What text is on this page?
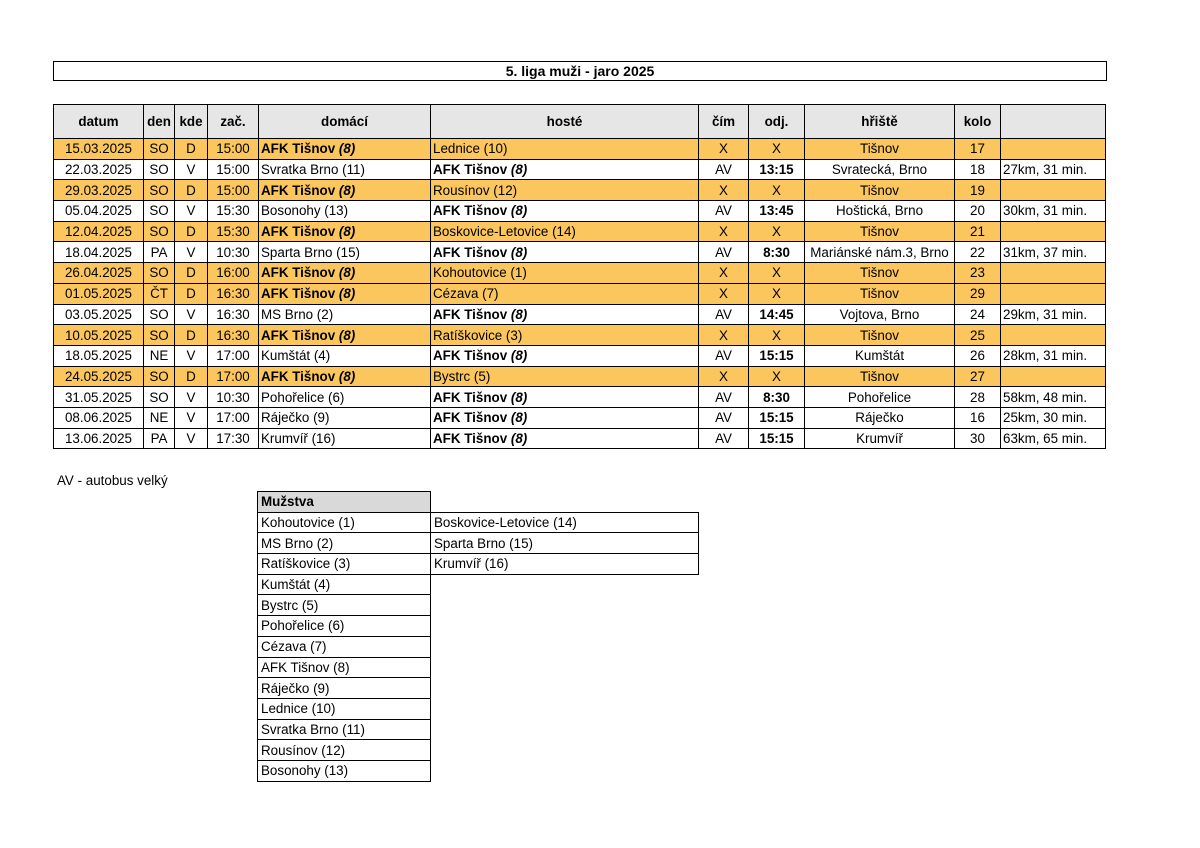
5. liga muži - jaro 2025
datum	den	kde	zač.	domácí	hosté	čím	odj.	hřiště	kolo	
15.03.2025	SO	D	15:00	AFK Tišnov (8)	Lednice (10)	X	X	Tišnov	17	
22.03.2025	SO	V	15:00	Svratka Brno (11)	AFK Tišnov (8)	AV	13:15	Svratecká, Brno	18	27km, 31 min.
29.03.2025	SO	D	15:00	AFK Tišnov (8)	Rousínov (12)	X	X	Tišnov	19	
05.04.2025	SO	V	15:30	Bosonohy (13)	AFK Tišnov (8)	AV	13:45	Hoštická, Brno	20	30km, 31 min.
12.04.2025	SO	D	15:30	AFK Tišnov (8)	Boskovice-Letovice (14)	X	X	Tišnov	21	
18.04.2025	PA	V	10:30	Sparta Brno (15)	AFK Tišnov (8)	AV	8:30	Mariánské nám.3, Brno	22	31km, 37 min.
26.04.2025	SO	D	16:00	AFK Tišnov (8)	Kohoutovice (1)	X	X	Tišnov	23	
01.05.2025	ČT	D	16:30	AFK Tišnov (8)	Cézava (7)	X	X	Tišnov	29	
03.05.2025	SO	V	16:30	MS Brno (2)	AFK Tišnov (8)	AV	14:45	Vojtova, Brno	24	29km, 31 min.
10.05.2025	SO	D	16:30	AFK Tišnov (8)	Ratíškovice (3)	X	X	Tišnov	25	
18.05.2025	NE	V	17:00	Kumštát (4)	AFK Tišnov (8)	AV	15:15	Kumštát	26	28km, 31 min.
24.05.2025	SO	D	17:00	AFK Tišnov (8)	Bystrc (5)	X	X	Tišnov	27	
31.05.2025	SO	V	10:30	Pohořelice (6)	AFK Tišnov (8)	AV	8:30	Pohořelice	28	58km, 48 min.
08.06.2025	NE	V	17:00	Ráječko (9)	AFK Tišnov (8)	AV	15:15	Ráječko	16	25km, 30 min.
13.06.2025	PA	V	17:30	Krumvíř (16)	AFK Tišnov (8)	AV	15:15	Krumvíř	30	63km, 65 min.
AV - autobus velký
Mužstva	
Kohoutovice (1)	Boskovice-Letovice (14)
MS Brno (2)	Sparta Brno (15)
Ratíškovice (3)	Krumvíř (16)
Kumštát (4)	
Bystrc (5)	
Pohořelice (6)	
Cézava (7)	
AFK Tišnov (8)	
Ráječko (9)	
Lednice (10)	
Svratka Brno (11)	
Rousínov (12)	
Bosonohy (13)	
